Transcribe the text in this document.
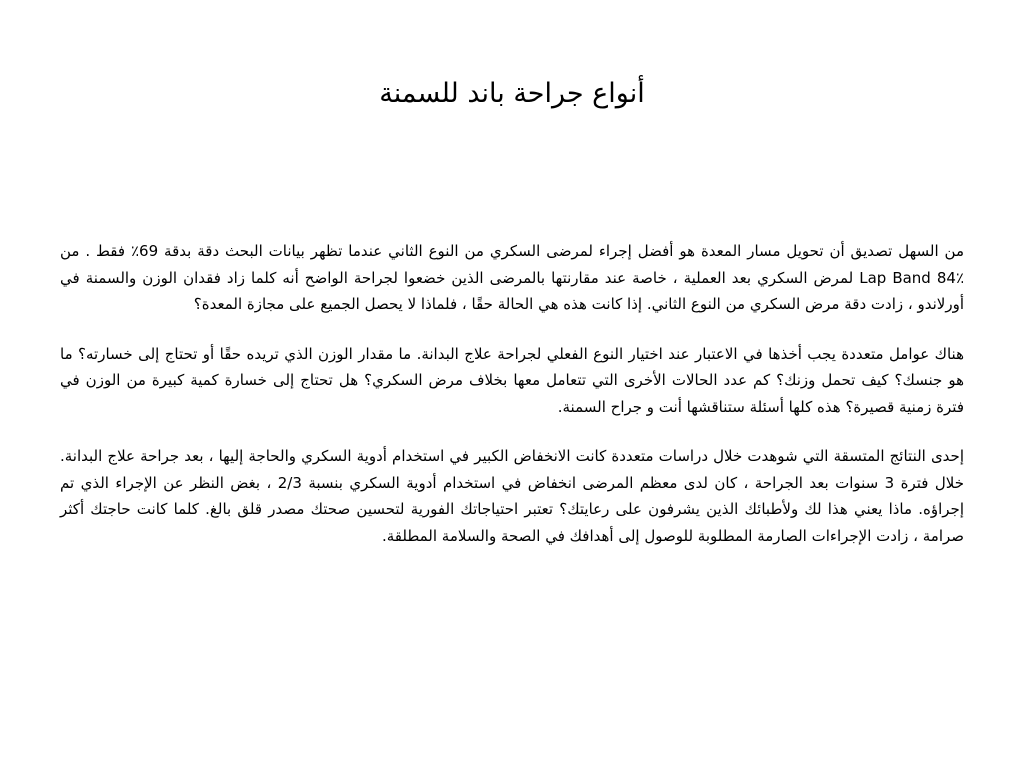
أنواع جراحة باند للسمنة

من السهل تصديق أن تحويل مسار المعدة هو أفضل إجراء لمرضى السكري من النوع الثاني عندما تظهر بيانات البحث دقة بدقة 69٪ فقط . من Lap Band 84٪ لمرض السكري بعد العملية ، خاصة عند مقارنتها بالمرضى الذين خضعوا لجراحة الواضح أنه كلما زاد فقدان الوزن والسمنة في أورلاندو ، زادت دقة مرض السكري من النوع الثاني. إذا كانت هذه هي الحالة حقًا ، فلماذا لا يحصل الجميع على مجازة المعدة؟

هناك عوامل متعددة يجب أخذها في الاعتبار عند اختيار النوع الفعلي لجراحة علاج البدانة. ما مقدار الوزن الذي تريده حقًا أو تحتاج إلى خسارته؟ ما هو جنسك؟ كيف تحمل وزنك؟ كم عدد الحالات الأخرى التي تتعامل معها بخلاف مرض السكري؟ هل تحتاج إلى خسارة كمية كبيرة من الوزن في فترة زمنية قصيرة؟ هذه كلها أسئلة ستناقشها أنت و جراح السمنة.

إحدى النتائج المتسقة التي شوهدت خلال دراسات متعددة كانت الانخفاض الكبير في استخدام أدوية السكري والحاجة إليها ، بعد جراحة علاج البدانة. خلال فترة 3 سنوات بعد الجراحة ، كان لدى معظم المرضى انخفاض في استخدام أدوية السكري بنسبة 2/3 ، بغض النظر عن الإجراء الذي تم إجراؤه. ماذا يعني هذا لك ولأطبائك الذين يشرفون على رعايتك؟ تعتبر احتياجاتك الفورية لتحسين صحتك مصدر قلق بالغ. كلما كانت حاجتك أكثر صرامة ، زادت الإجراءات الصارمة المطلوبة للوصول إلى أهدافك في الصحة والسلامة المطلقة.
